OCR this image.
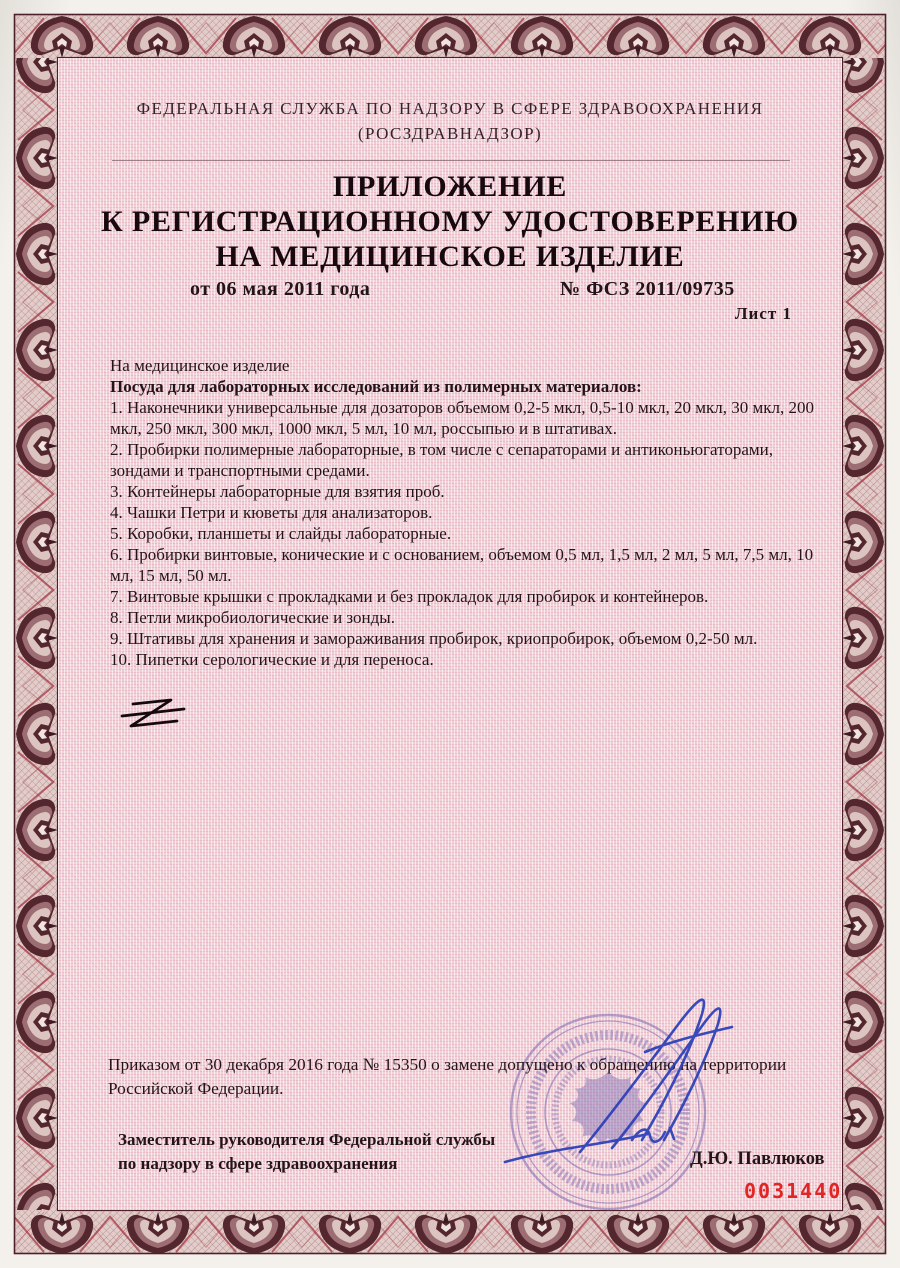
ФЕДЕРАЛЬНАЯ СЛУЖБА ПО НАДЗОРУ В СФЕРЕ ЗДРАВООХРАНЕНИЯ
(РОСЗДРАВНАДЗОР)
ПРИЛОЖЕНИЕ
К РЕГИСТРАЦИОННОМУ УДОСТОВЕРЕНИЮ
НА МЕДИЦИНСКОЕ ИЗДЕЛИЕ
от 06 мая 2011 года	№ ФСЗ 2011/09735
Лист 1
На медицинское изделие
Посуда для лабораторных исследований из полимерных материалов:
1. Наконечники универсальные для дозаторов объемом 0,2-5 мкл, 0,5-10 мкл, 20 мкл, 30 мкл, 200 мкл, 250 мкл, 300 мкл, 1000 мкл, 5 мл, 10 мл, россыпью и в штативах.
2. Пробирки полимерные лабораторные, в том числе с сепараторами и антиконьюгаторами, зондами и транспортными средами.
3. Контейнеры лабораторные для взятия проб.
4. Чашки Петри и кюветы для анализаторов.
5. Коробки, планшеты и слайды лабораторные.
6. Пробирки винтовые, конические и с основанием, объемом 0,5 мл, 1,5 мл, 2 мл, 5 мл, 7,5 мл, 10 мл, 15 мл, 50 мл.
7. Винтовые крышки с прокладками и без прокладок для пробирок и контейнеров.
8. Петли микробиологические и зонды.
9. Штативы для хранения и замораживания пробирок, криопробирок, объемом 0,2-50 мл.
10. Пипетки серологические и для переноса.
Приказом от 30 декабря 2016 года № 15350 о замене допущено к обращению на территории Российской Федерации.
Заместитель руководителя Федеральной службы
по надзору в сфере здравоохранения	Д.Ю. Павлюков
0031440
